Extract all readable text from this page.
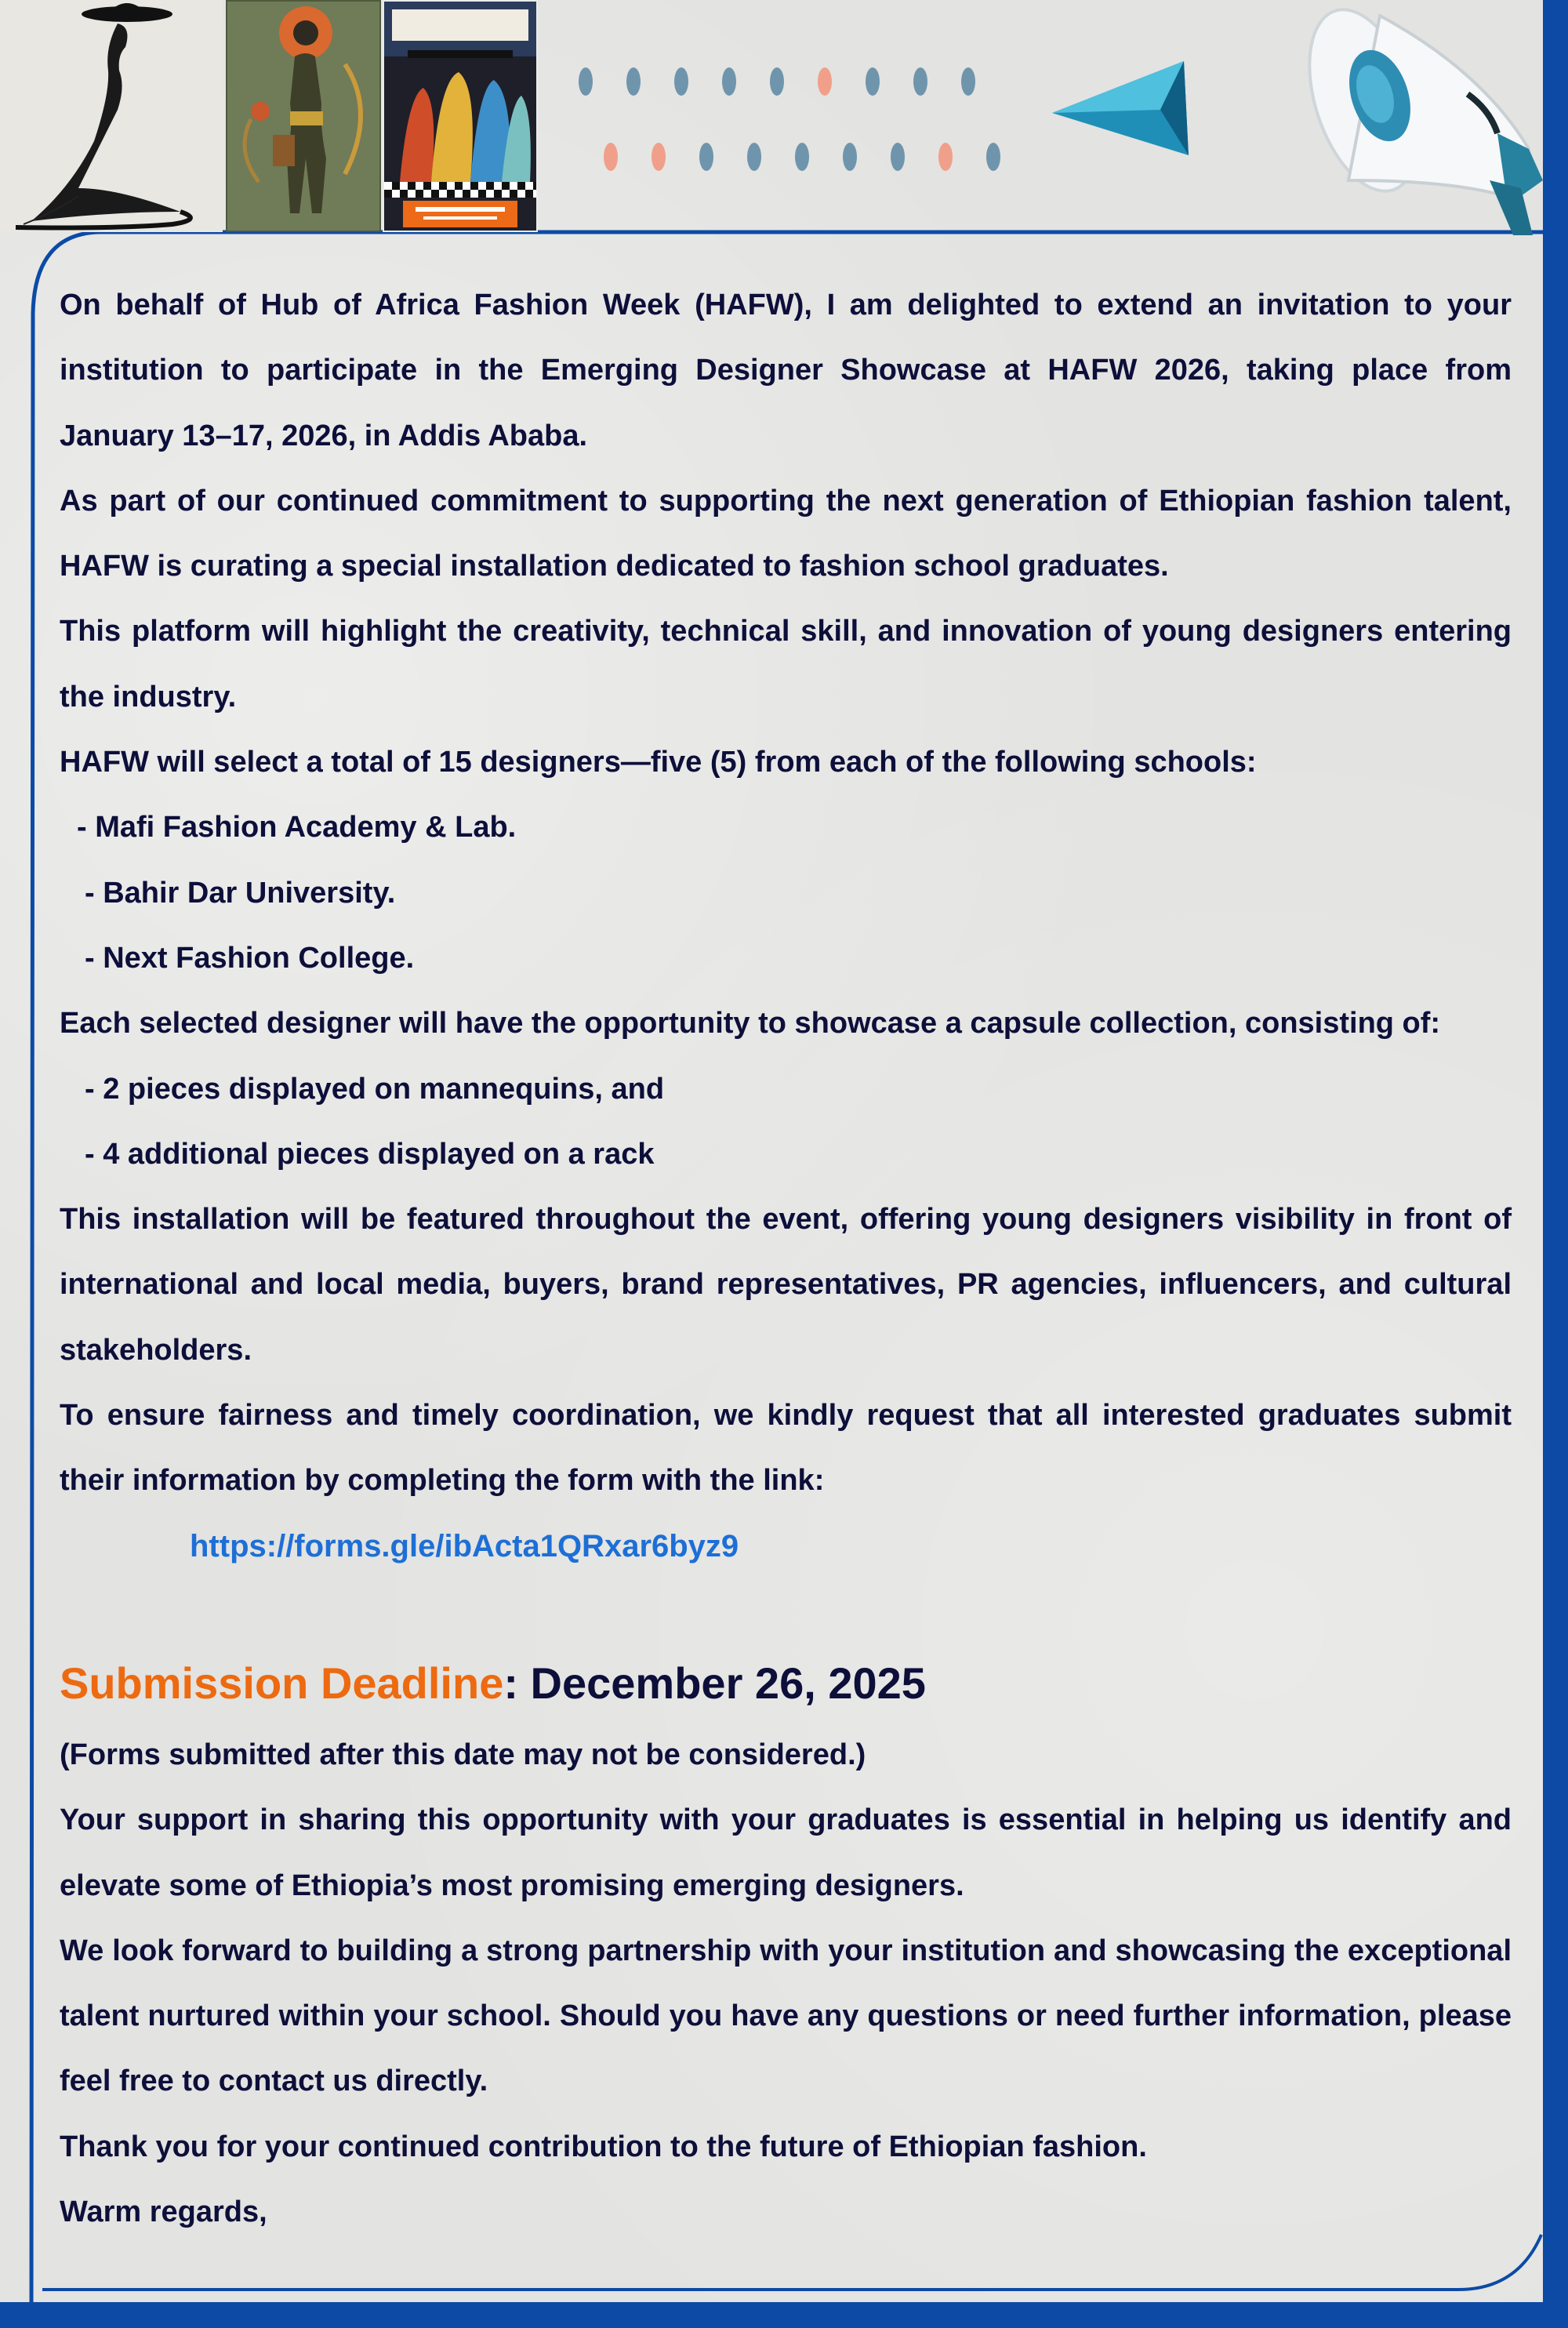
On behalf of Hub of Africa Fashion Week (HAFW), I am delighted to extend an invitation to your institution to participate in the Emerging Designer Showcase at HAFW 2026, taking place from January 13–17, 2026, in Addis Ababa.

As part of our continued commitment to supporting the next generation of Ethiopian fashion talent, HAFW is curating a special installation dedicated to fashion school graduates.

This platform will highlight the creativity, technical skill, and innovation of young designers entering the industry.

HAFW will select a total of 15 designers—five (5) from each of the following schools:

- Mafi Fashion Academy & Lab.

- Bahir Dar University.

- Next Fashion College.

Each selected designer will have the opportunity to showcase a capsule collection, consisting of:

- 2 pieces displayed on mannequins, and

- 4 additional pieces displayed on a rack

This installation will be featured throughout the event, offering young designers visibility in front of international and local media, buyers, brand representatives, PR agencies, influencers, and cultural stakeholders.

To ensure fairness and timely coordination, we kindly request that all interested graduates submit their information by completing the form with the link:

https://forms.gle/ibActa1QRxar6byz9

Submission Deadline: December 26, 2025

(Forms submitted after this date may not be considered.)

Your support in sharing this opportunity with your graduates is essential in helping us identify and elevate some of Ethiopia’s most promising emerging designers.

We look forward to building a strong partnership with your institution and showcasing the exceptional talent nurtured within your school. Should you have any questions or need further information, please feel free to contact us directly.

Thank you for your continued contribution to the future of Ethiopian fashion.

Warm regards,
